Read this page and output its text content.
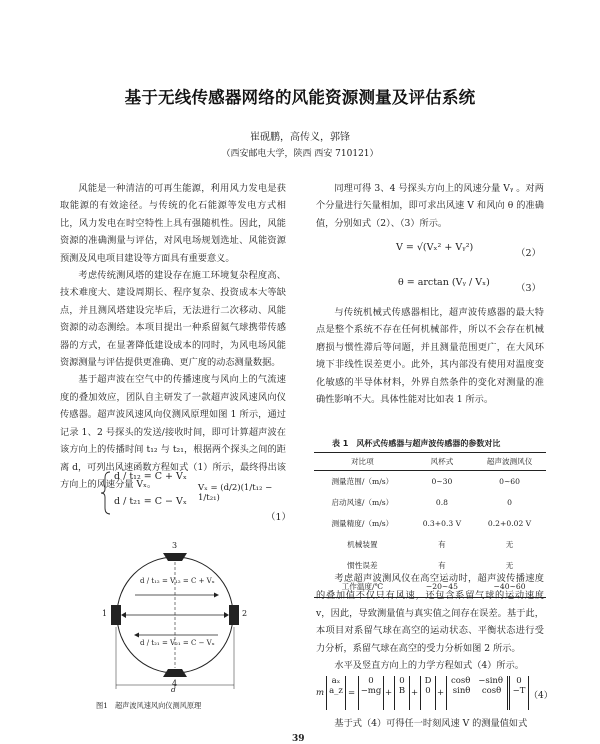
基于无线传感器网络的风能资源测量及评估系统
崔砚鹏，高传义，郭锋
（西安邮电大学，陕西 西安 710121）

风能是一种清洁的可再生能源，利用风力发电是获取能源的有效途径。与传统的化石能源等发电方式相比，风力发电在时空特性上具有强随机性。因此，风能资源的准确测量与评估，对风电场规划选址、风能资源预测及风电项目建设等方面具有重要意义。

考虑传统测风塔的建设存在施工环境复杂程度高、技术难度大、建设周期长、程序复杂、投资成本大等缺点，并且测风塔建设完毕后，无法进行二次移动、风能资源的动态测绘。本项目提出一种系留氦气球携带传感器的方式，在显著降低建设成本的同时，为风电场风能资源测量与评估提供更准确、更广度的动态测量数据。

基于超声波在空气中的传播速度与风向上的气流速度的叠加效应，团队自主研发了一款超声波风速风向仪传感器。超声波风速风向仪测风原理如图 1 所示，通过记录 1、2 号探头的发送/接收时间，即可计算超声波在该方向上的传播时间 t₁₂ 与 t₂₁，根据两个探头之间的距离 d，可列出风速函数方程如式（1）所示，最终得出该方向上的风速分量 Vₓ。

d / t₁₂ = C + Vₓ
d / t₂₁ = C − Vₓ
Vₓ = (d/2)(1/t₁₂ − 1/t₂₁)
（1）
d / t₁₂ = V₁₂ = C + Vₓ
d / t₂₁ = V₂₁ = C − Vₓ
1	2
3
4
d
图1　超声波风速风向仪测风原理

同理可得 3、4 号探头方向上的风速分量 Vᵧ 。对两个分量进行矢量相加，即可求出风速 V 和风向 θ 的准确值，分别如式（2）、（3）所示。

V = √(Vₓ² + Vᵧ²)
（2）
θ = arctan (Vᵧ / Vₓ)
（3）

与传统机械式传感器相比，超声波传感器的最大特点是整个系统不存在任何机械部件，所以不会存在机械磨损与惯性滞后等问题，并且测量范围更广，在大风环境下非线性误差更小。此外，其内部没有使用对温度变化敏感的半导体材料，外界自然条件的变化对测量的准确性影响不大。具体性能对比如表 1 所示。

表 1　风杯式传感器与超声波传感器的参数对比
对比项	风杯式	超声波测风仪
测量范围/（m/s）	0~30	0~60
启动风速/（m/s）	0.8	0
测量精度/（m/s）	0.3+0.3 V	0.2+0.02 V
机械装置	有	无
惯性误差	有	无
工作温度/℃	−20~45	−40~60

考虑超声波测风仪在高空运动时，超声波传播速度的叠加值不仅只有风速，还包含系留气球的运动速度 v，因此，导致测量值与真实值之间存在误差。基于此，本项目对系留气球在高空的运动状态、平衡状态进行受力分析，系留气球在高空的受力分析如图 2 所示。

水平及竖直方向上的力学方程如式（4）所示。

m
aₓ
a_z =
0
−mg +
0
B +
D
0 +
cosθ −sinθ
sinθ cosθ
0
−T （4）

基于式（4）可得任一时刻风速 V 的测量值如式

39
